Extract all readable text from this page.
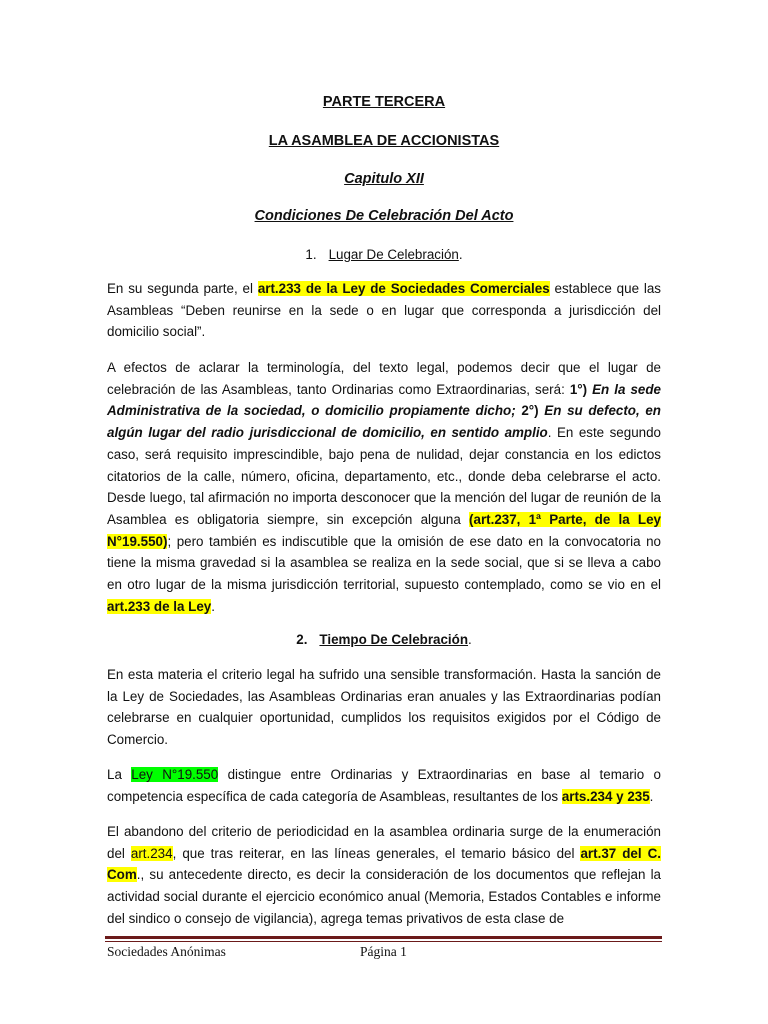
PARTE TERCERA

LA ASAMBLEA DE ACCIONISTAS

Capitulo XII

Condiciones De Celebración Del Acto

1. Lugar De Celebración.

En su segunda parte, el art.233 de la Ley de Sociedades Comerciales establece que las Asambleas “Deben reunirse en la sede o en lugar que corresponda a jurisdicción del domicilio social”.

A efectos de aclarar la terminología, del texto legal, podemos decir que el lugar de celebración de las Asambleas, tanto Ordinarias como Extraordinarias, será: 1°) En la sede Administrativa de la sociedad, o domicilio propiamente dicho; 2°) En su defecto, en algún lugar del radio jurisdiccional de domicilio, en sentido amplio. En este segundo caso, será requisito imprescindible, bajo pena de nulidad, dejar constancia en los edictos citatorios de la calle, número, oficina, departamento, etc., donde deba celebrarse el acto. Desde luego, tal afirmación no importa desconocer que la mención del lugar de reunión de la Asamblea es obligatoria siempre, sin excepción alguna (art.237, 1ª Parte, de la Ley N°19.550); pero también es indiscutible que la omisión de ese dato en la convocatoria no tiene la misma gravedad si la asamblea se realiza en la sede social, que si se lleva a cabo en otro lugar de la misma jurisdicción territorial, supuesto contemplado, como se vio en el art.233 de la Ley.

2. Tiempo De Celebración.

En esta materia el criterio legal ha sufrido una sensible transformación. Hasta la sanción de la Ley de Sociedades, las Asambleas Ordinarias eran anuales y las Extraordinarias podían celebrarse en cualquier oportunidad, cumplidos los requisitos exigidos por el Código de Comercio.

La Ley N°19.550 distingue entre Ordinarias y Extraordinarias en base al temario o competencia específica de cada categoría de Asambleas, resultantes de los arts.234 y 235.

El abandono del criterio de periodicidad en la asamblea ordinaria surge de la enumeración del art.234, que tras reiterar, en las líneas generales, el temario básico del art.37 del C. Com., su antecedente directo, es decir la consideración de los documentos que reflejan la actividad social durante el ejercicio económico anual (Memoria, Estados Contables e informe del sindico o consejo de vigilancia), agrega temas privativos de esta clase de

Sociedades Anónimas	Página 1
